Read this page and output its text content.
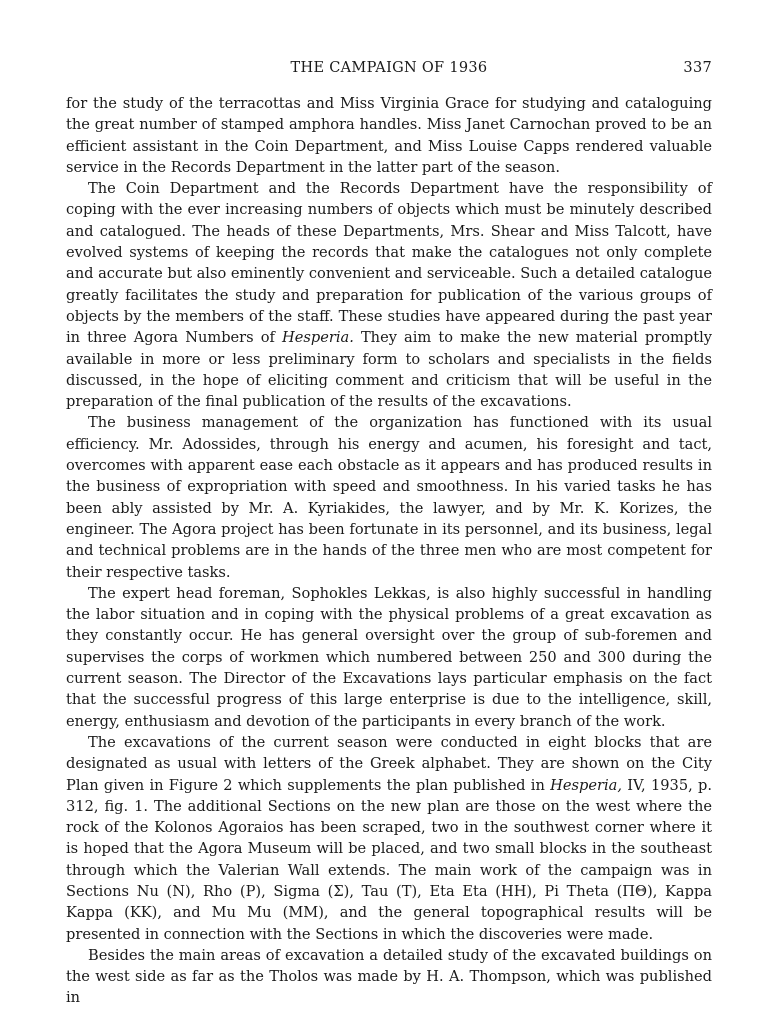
THE CAMPAIGN OF 1936	337

for the study of the terracottas and Miss Virginia Grace for studying and cataloguing the great number of stamped amphora handles. Miss Janet Carnochan proved to be an efficient assistant in the Coin Department, and Miss Louise Capps rendered valuable service in the Records Department in the latter part of the season.

The Coin Department and the Records Department have the responsibility of coping with the ever increasing numbers of objects which must be minutely described and catalogued. The heads of these Departments, Mrs. Shear and Miss Talcott, have evolved systems of keeping the records that make the catalogues not only complete and accurate but also eminently convenient and serviceable. Such a detailed catalogue greatly facilitates the study and preparation for publication of the various groups of objects by the members of the staff. These studies have appeared during the past year in three Agora Numbers of Hesperia. They aim to make the new material promptly available in more or less preliminary form to scholars and specialists in the fields discussed, in the hope of eliciting comment and criticism that will be useful in the preparation of the final publication of the results of the excavations.

The business management of the organization has functioned with its usual efficiency. Mr. Adossides, through his energy and acumen, his foresight and tact, overcomes with apparent ease each obstacle as it appears and has produced results in the business of expropriation with speed and smoothness. In his varied tasks he has been ably assisted by Mr. A. Kyriakides, the lawyer, and by Mr. K. Korizes, the engineer. The Agora project has been fortunate in its personnel, and its business, legal and technical problems are in the hands of the three men who are most competent for their respective tasks.

The expert head foreman, Sophokles Lekkas, is also highly successful in handling the labor situation and in coping with the physical problems of a great excavation as they constantly occur. He has general oversight over the group of sub-foremen and supervises the corps of workmen which numbered between 250 and 300 during the current season. The Director of the Excavations lays particular emphasis on the fact that the successful progress of this large enterprise is due to the intelligence, skill, energy, enthusiasm and devotion of the participants in every branch of the work.

The excavations of the current season were conducted in eight blocks that are designated as usual with letters of the Greek alphabet. They are shown on the City Plan given in Figure 2 which supplements the plan published in Hesperia, IV, 1935, p. 312, fig. 1. The additional Sections on the new plan are those on the west where the rock of the Kolonos Agoraios has been scraped, two in the southwest corner where it is hoped that the Agora Museum will be placed, and two small blocks in the southeast through which the Valerian Wall extends. The main work of the campaign was in Sections Nu (N), Rho (P), Sigma (Σ), Tau (T), Eta Eta (HH), Pi Theta (ΠΘ), Kappa Kappa (KK), and Mu Mu (MM), and the general topographical results will be presented in connection with the Sections in which the discoveries were made.

Besides the main areas of excavation a detailed study of the excavated buildings on the west side as far as the Tholos was made by H. A. Thompson, which was published in
